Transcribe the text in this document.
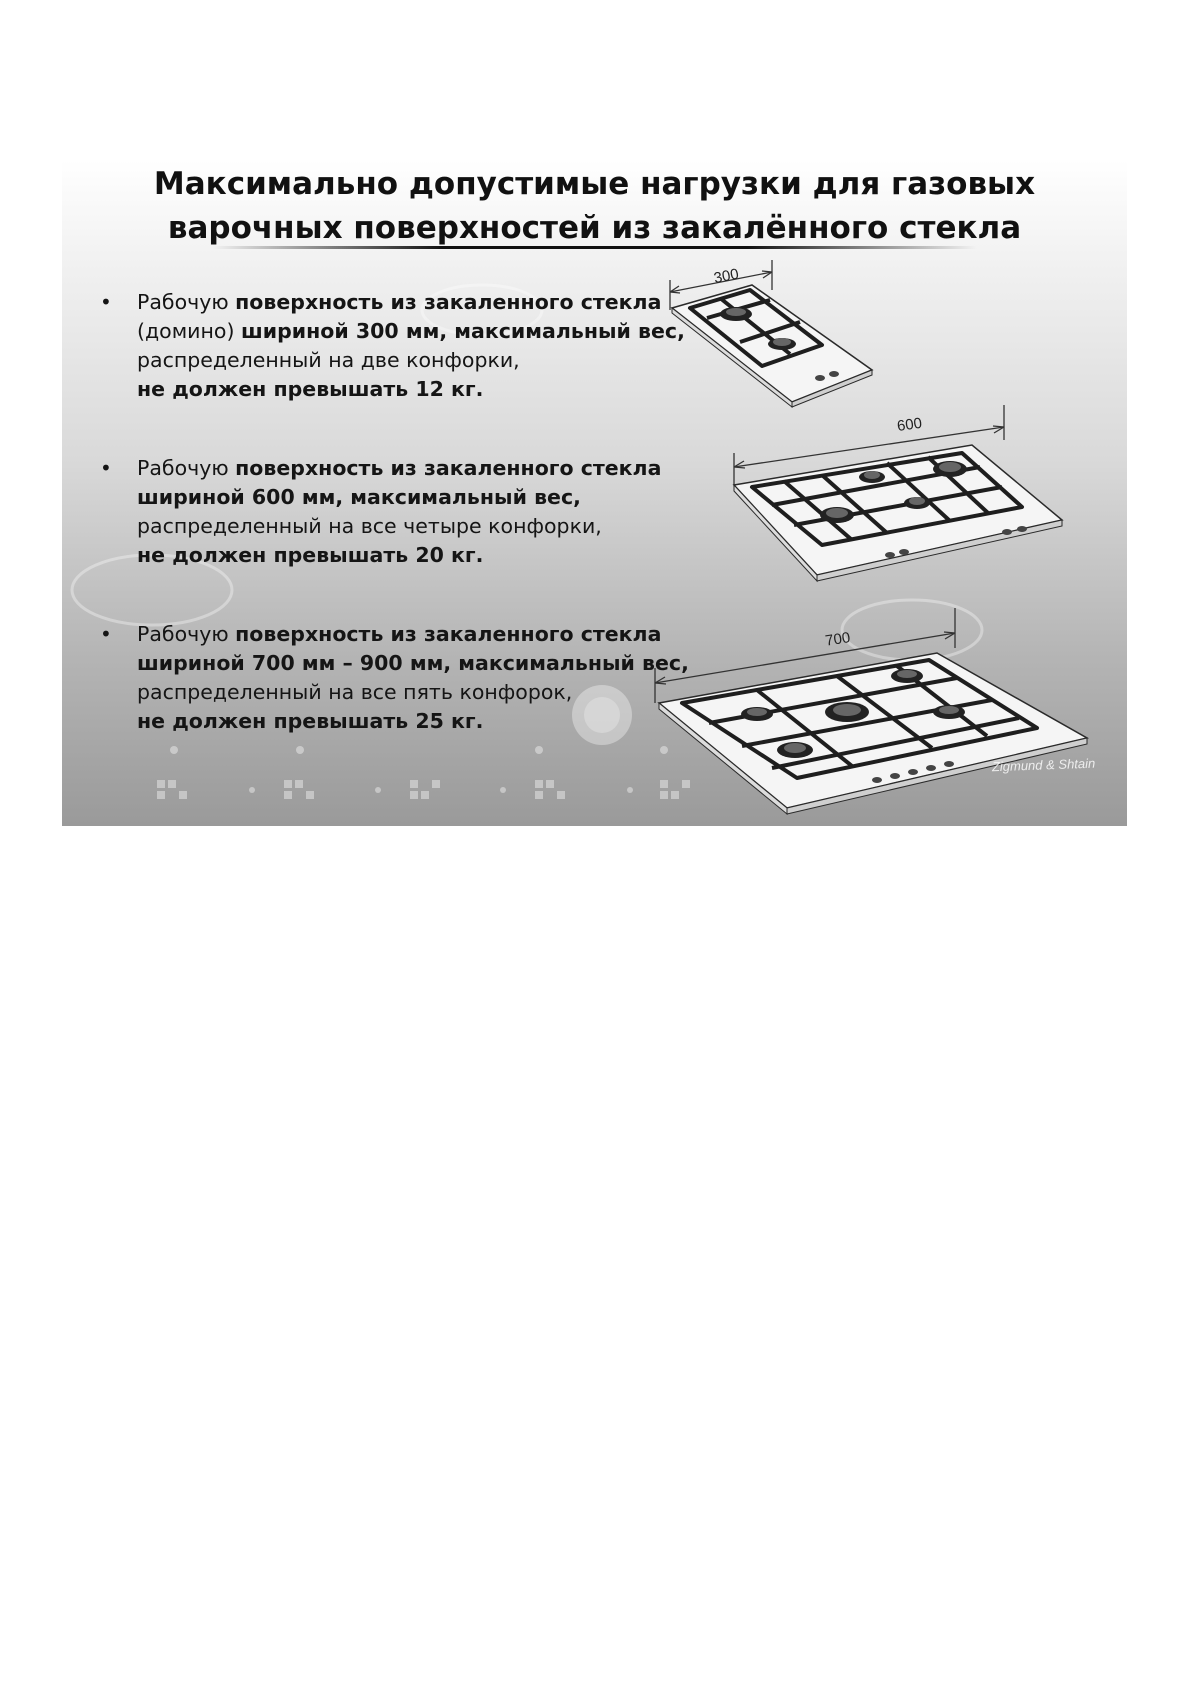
Максимально допустимые нагрузки для газовых
варочных поверхностей из закалённого стекла
• Рабочую поверхность из закаленного стекла
(домино) шириной 300 мм, максимальный вес,
распределенный на две конфорки,
не должен превышать 12 кг.
• Рабочую поверхность из закаленного стекла
шириной 600 мм, максимальный вес,
распределенный на все четыре конфорки,
не должен превышать 20 кг.
• Рабочую поверхность из закаленного стекла
шириной 700 мм – 900 мм, максимальный вес,
распределенный на все пять конфорок,
не должен превышать 25 кг.
300
600
700
Zigmund & Shtain
